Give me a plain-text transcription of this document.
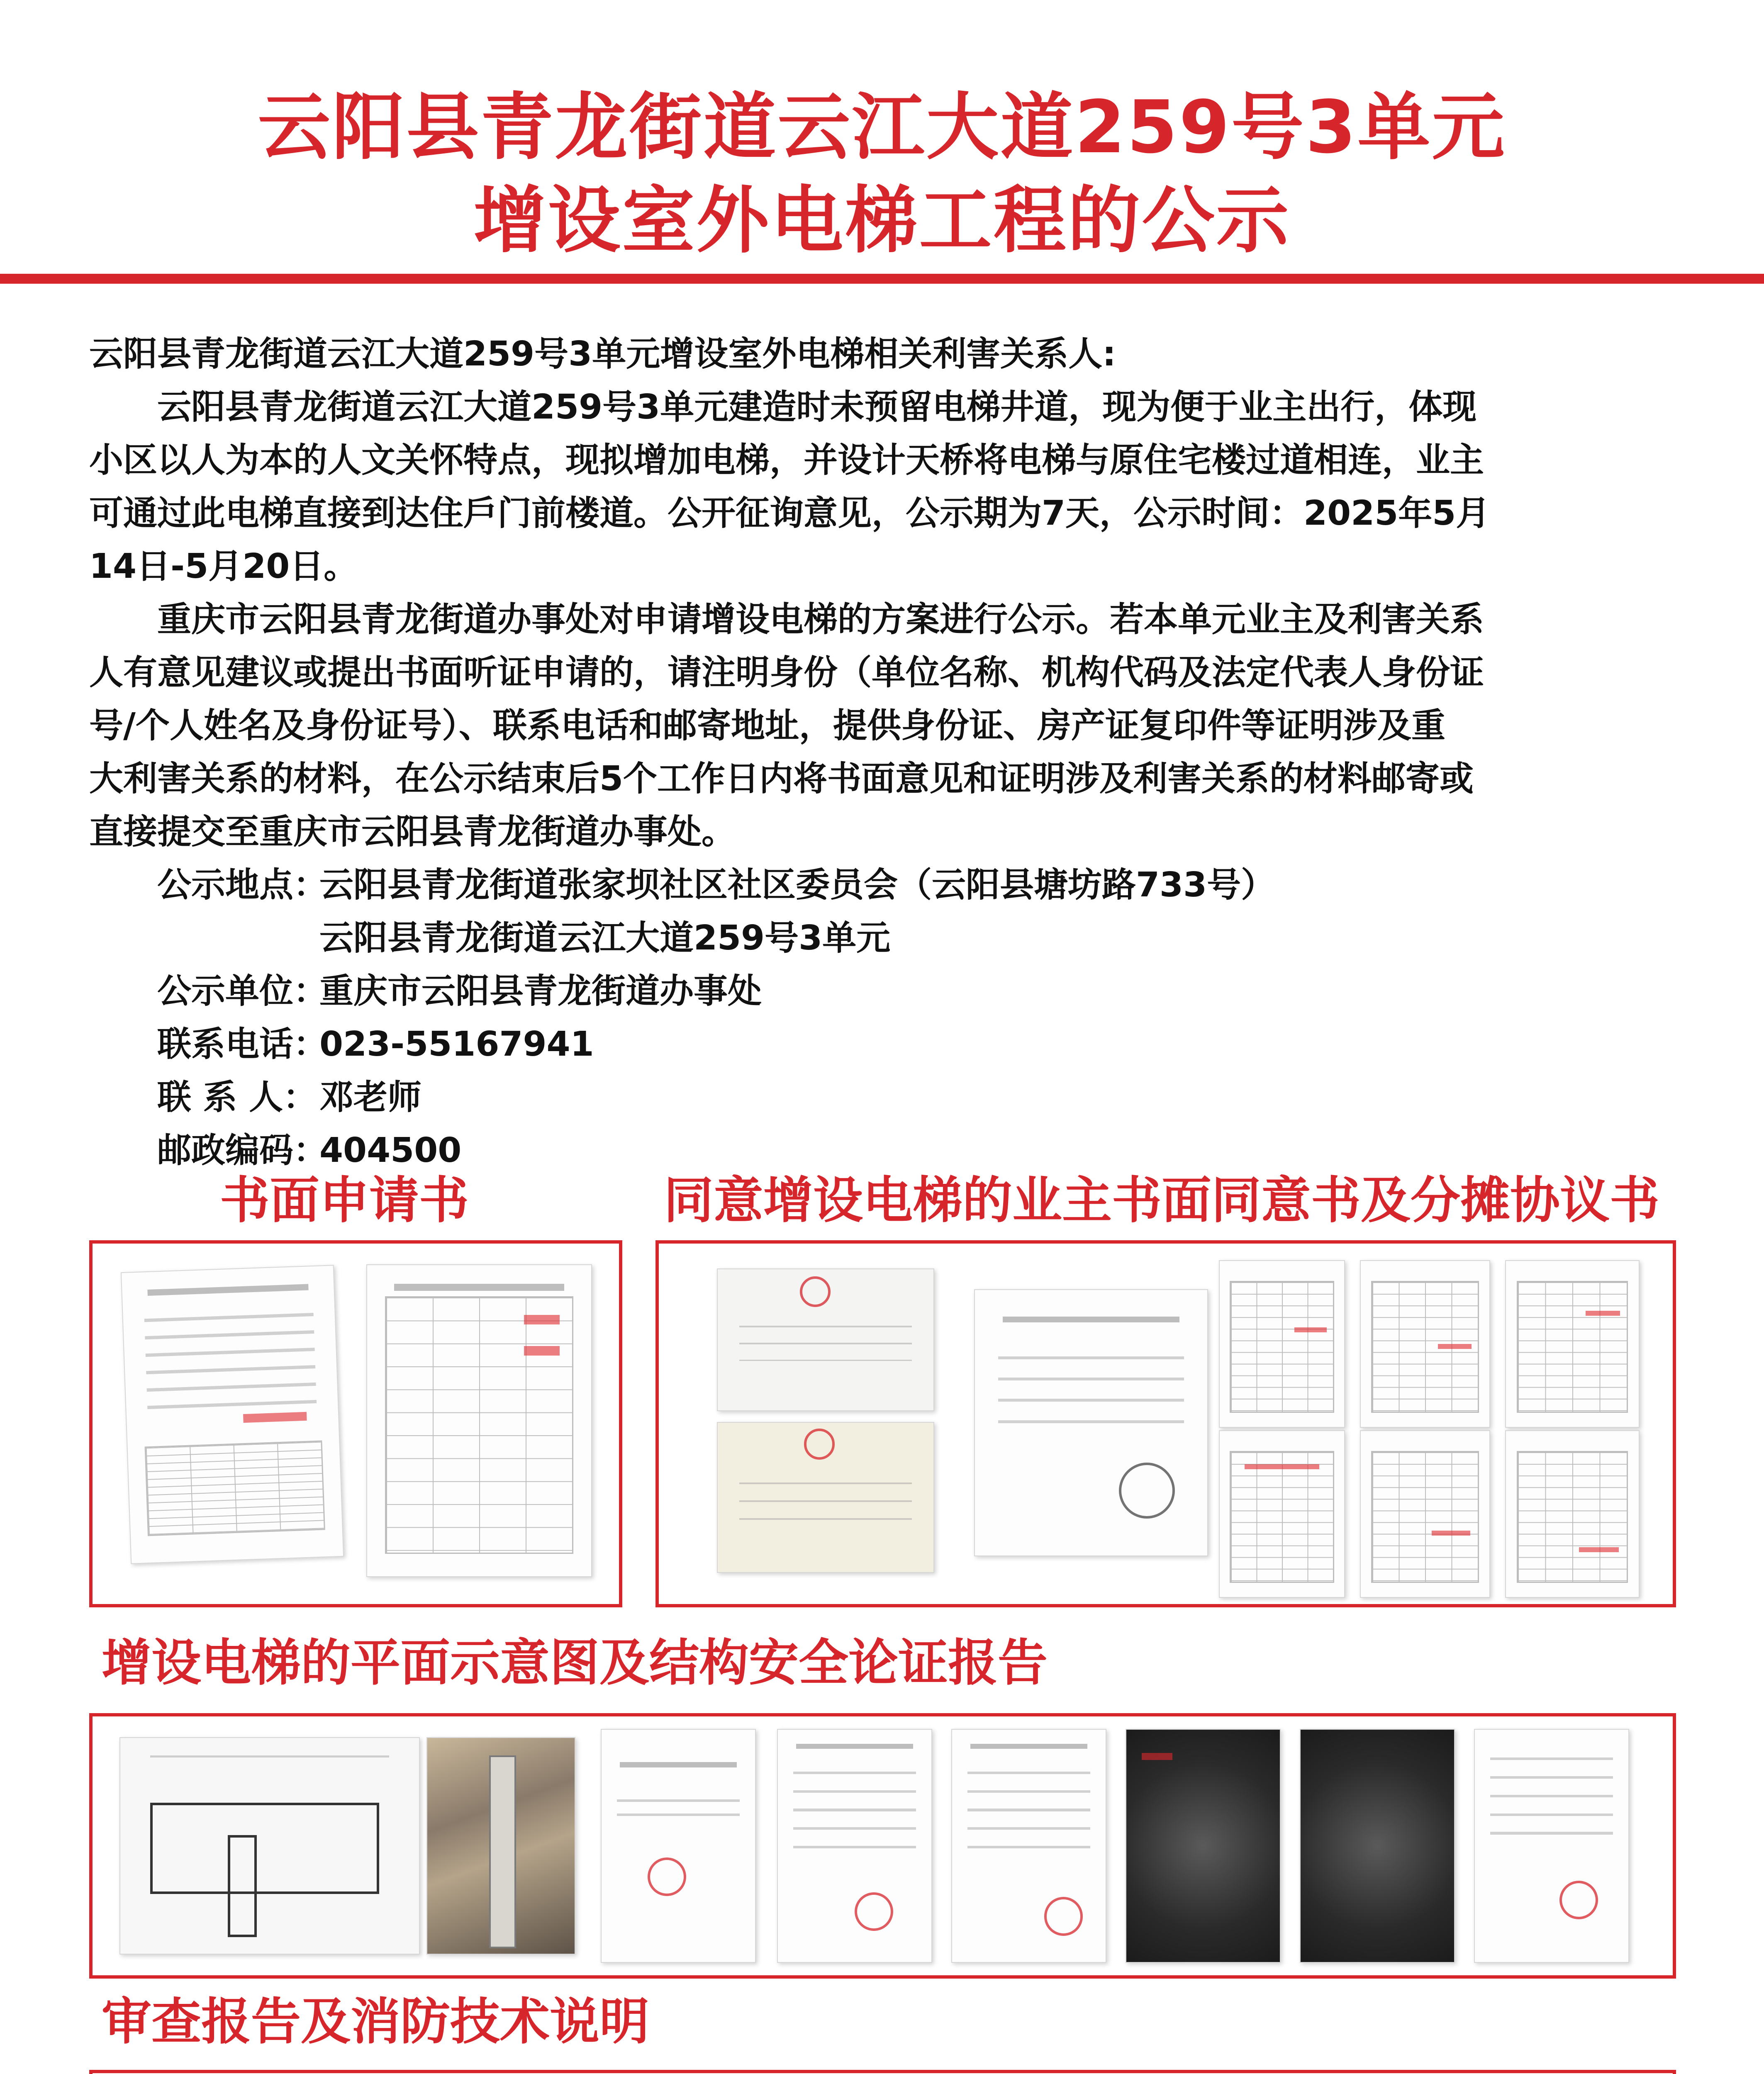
云阳县青龙街道云江大道259号3单元
增设室外电梯工程的公示

云阳县青龙街道云江大道259号3单元增设室外电梯相关利害关系人:

云阳县青龙街道云江大道259号3单元建造时未预留电梯井道，现为便于业主出行，体现

小区以人为本的人文关怀特点，现拟增加电梯，并设计天桥将电梯与原住宅楼过道相连，业主

可通过此电梯直接到达住戶门前楼道。公开征询意见，公示期为7天，公示时间：2025年5月

14日-5月20日。

重庆市云阳县青龙街道办事处对申请增设电梯的方案进行公示。若本单元业主及利害关系

人有意见建议或提出书面听证申请的，请注明身份（单位名称、机构代码及法定代表人身份证

号/个人姓名及身份证号）、联系电话和邮寄地址，提供身份证、房产证复印件等证明涉及重

大利害关系的材料，在公示结束后5个工作日内将书面意见和证明涉及利害关系的材料邮寄或

直接提交至重庆市云阳县青龙街道办事处。

公示地点：
云阳县青龙街道张家坝社区社区委员会（云阳县塘坊路733号）
云阳县青龙街道云江大道259号3单元
公示单位：
重庆市云阳县青龙街道办事处
联系电话：
023-55167941
联 系 人： 邓老师
邮政编码：
404500
书面申请书	同意增设电梯的业主书面同意书及分摊协议书
增设电梯的平面示意图及结构安全论证报告
审查报告及消防技术说明
